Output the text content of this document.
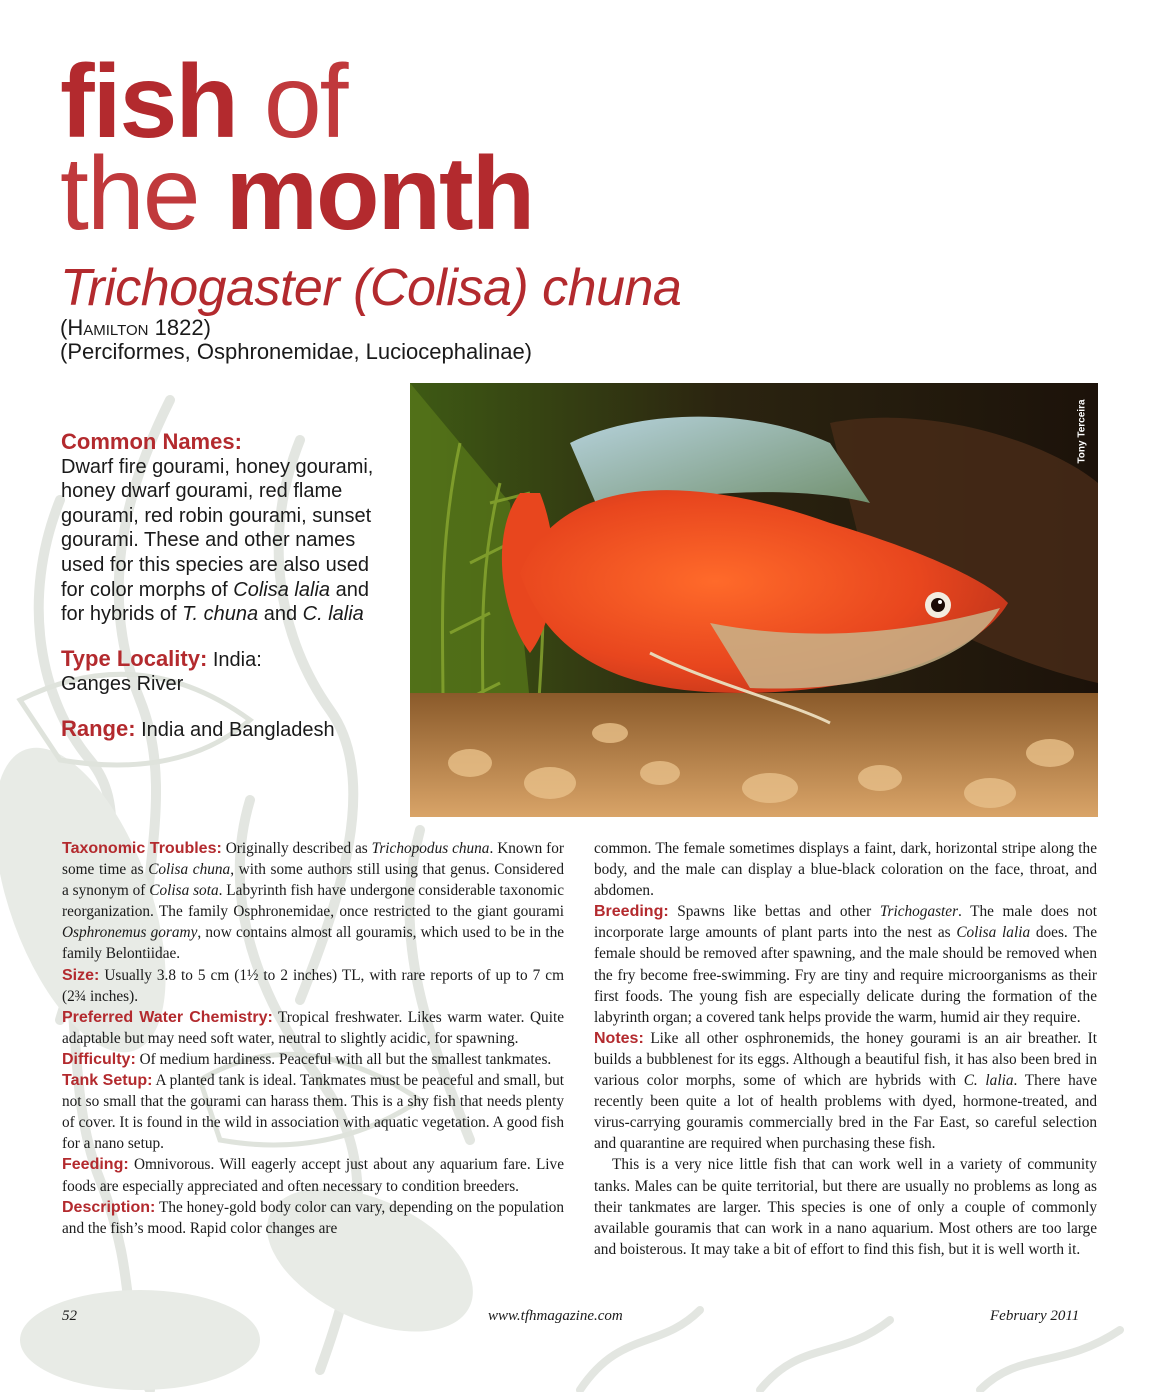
fish of
the month
Trichogaster (Colisa) chuna
(Hamilton 1822)
(Perciformes, Osphronemidae, Luciocephalinae)
Tony Terceira

Common Names:

Dwarf fire gourami, honey gourami, honey dwarf gourami, red flame gourami, red robin gourami, sunset gourami. These and other names used for this species are also used for color morphs of Colisa lalia and for hybrids of T. chuna and C. lalia

Type Locality: India:

Ganges River

Range: India and Bangladesh

Taxonomic Troubles: Originally described as Trichopodus chuna. Known for some time as Colisa chuna, with some authors still using that genus. Considered a synonym of Colisa sota. Labyrinth fish have undergone considerable taxonomic reorganization. The family Osphronemidae, once restricted to the giant gourami Osphronemus goramy, now contains almost all gouramis, which used to be in the family Belontiidae.

Size: Usually 3.8 to 5 cm (1½ to 2 inches) TL, with rare reports of up to 7 cm (2¾ inches).

Preferred Water Chemistry: Tropical freshwater. Likes warm water. Quite adaptable but may need soft water, neutral to slightly acidic, for spawning.

Difficulty: Of medium hardiness. Peaceful with all but the smallest tankmates.

Tank Setup: A planted tank is ideal. Tankmates must be peaceful and small, but not so small that the gourami can harass them. This is a shy fish that needs plenty of cover. It is found in the wild in association with aquatic vegetation. A good fish for a nano setup.

Feeding: Omnivorous. Will eagerly accept just about any aquarium fare. Live foods are especially appreciated and often necessary to condition breeders.

Description: The honey-gold body color can vary, depending on the population and the fish’s mood. Rapid color changes are

common. The female sometimes displays a faint, dark, horizontal stripe along the body, and the male can display a blue-black coloration on the face, throat, and abdomen.

Breeding: Spawns like bettas and other Trichogaster. The male does not incorporate large amounts of plant parts into the nest as Colisa lalia does. The female should be removed after spawning, and the male should be removed when the fry become free-swimming. Fry are tiny and require microorganisms as their first foods. The young fish are especially delicate during the formation of the labyrinth organ; a covered tank helps provide the warm, humid air they require.

Notes: Like all other osphronemids, the honey gourami is an air breather. It builds a bubblenest for its eggs. Although a beautiful fish, it has also been bred in various color morphs, some of which are hybrids with C. lalia. There have recently been quite a lot of health problems with dyed, hormone-treated, and virus-carrying gouramis commercially bred in the Far East, so careful selection and quarantine are required when purchasing these fish.

This is a very nice little fish that can work well in a variety of community tanks. Males can be quite territorial, but there are usually no problems as long as their tankmates are larger. This species is one of only a couple of commonly available gouramis that can work in a nano aquarium. Most others are too large and boisterous. It may take a bit of effort to find this fish, but it is well worth it.

52	www.tfhmagazine.com	February 2011
